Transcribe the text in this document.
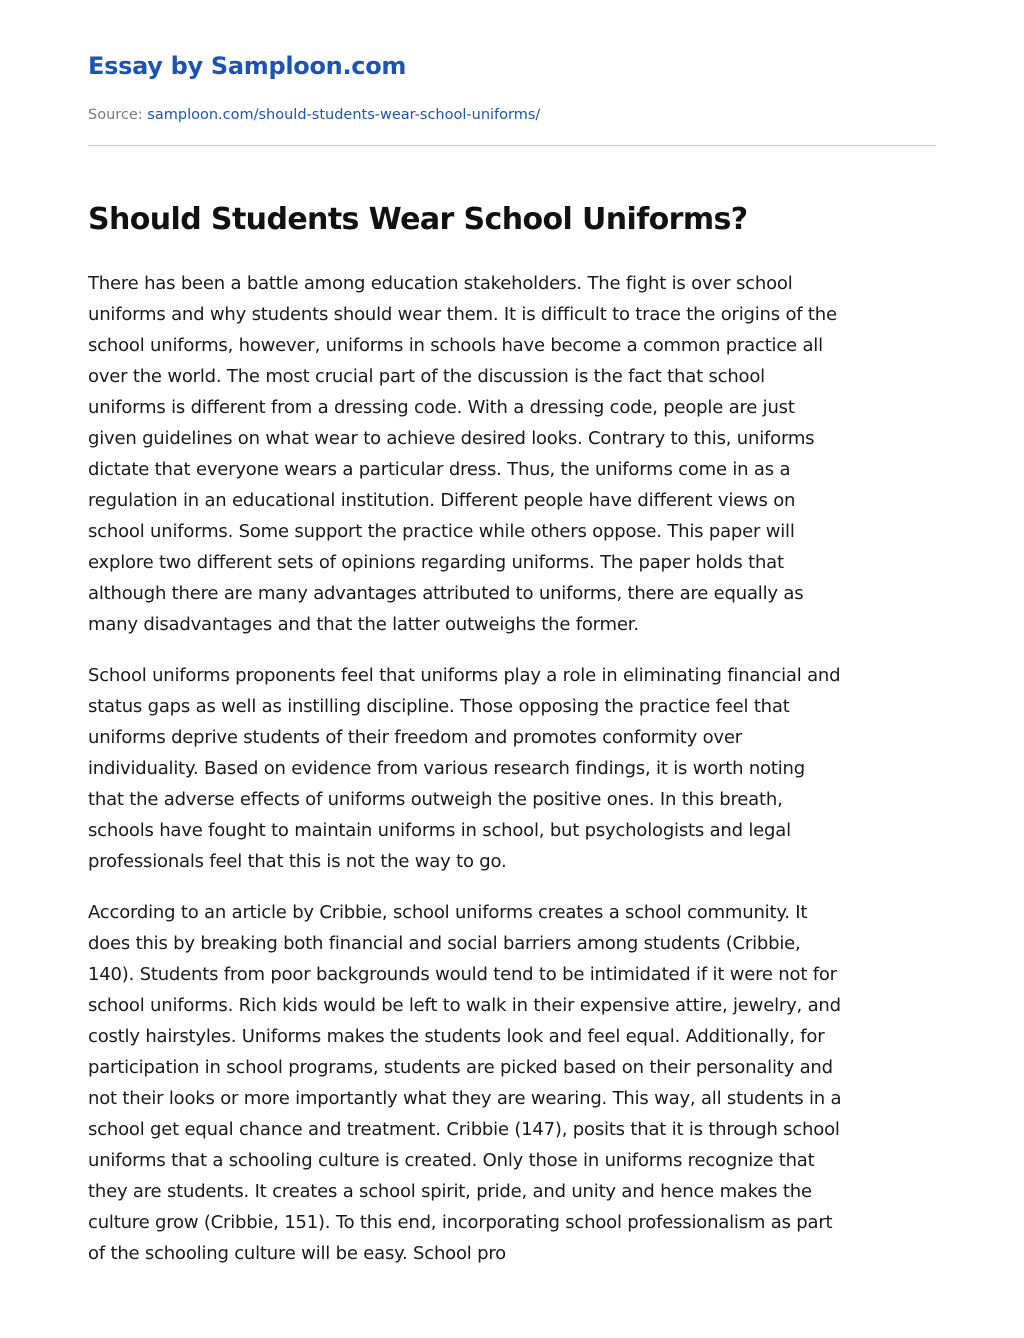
Essay by Samploon.com
Source: samploon.com/should-students-wear-school-uniforms/
Should Students Wear School Uniforms?

There has been a battle among education stakeholders. The fight is over school
uniforms and why students should wear them. It is difficult to trace the origins of the
school uniforms, however, uniforms in schools have become a common practice all
over the world. The most crucial part of the discussion is the fact that school
uniforms is different from a dressing code. With a dressing code, people are just
given guidelines on what wear to achieve desired looks. Contrary to this, uniforms
dictate that everyone wears a particular dress. Thus, the uniforms come in as a
regulation in an educational institution. Different people have different views on
school uniforms. Some support the practice while others oppose. This paper will
explore two different sets of opinions regarding uniforms. The paper holds that
although there are many advantages attributed to uniforms, there are equally as
many disadvantages and that the latter outweighs the former.

School uniforms proponents feel that uniforms play a role in eliminating financial and
status gaps as well as instilling discipline. Those opposing the practice feel that
uniforms deprive students of their freedom and promotes conformity over
individuality. Based on evidence from various research findings, it is worth noting
that the adverse effects of uniforms outweigh the positive ones. In this breath,
schools have fought to maintain uniforms in school, but psychologists and legal
professionals feel that this is not the way to go.

According to an article by Cribbie, school uniforms creates a school community. It
does this by breaking both financial and social barriers among students (Cribbie,
140). Students from poor backgrounds would tend to be intimidated if it were not for
school uniforms. Rich kids would be left to walk in their expensive attire, jewelry, and
costly hairstyles. Uniforms makes the students look and feel equal. Additionally, for
participation in school programs, students are picked based on their personality and
not their looks or more importantly what they are wearing. This way, all students in a
school get equal chance and treatment. Cribbie (147), posits that it is through school
uniforms that a schooling culture is created. Only those in uniforms recognize that
they are students. It creates a school spirit, pride, and unity and hence makes the
culture grow (Cribbie, 151). To this end, incorporating school professionalism as part
of the schooling culture will be easy. School pro
